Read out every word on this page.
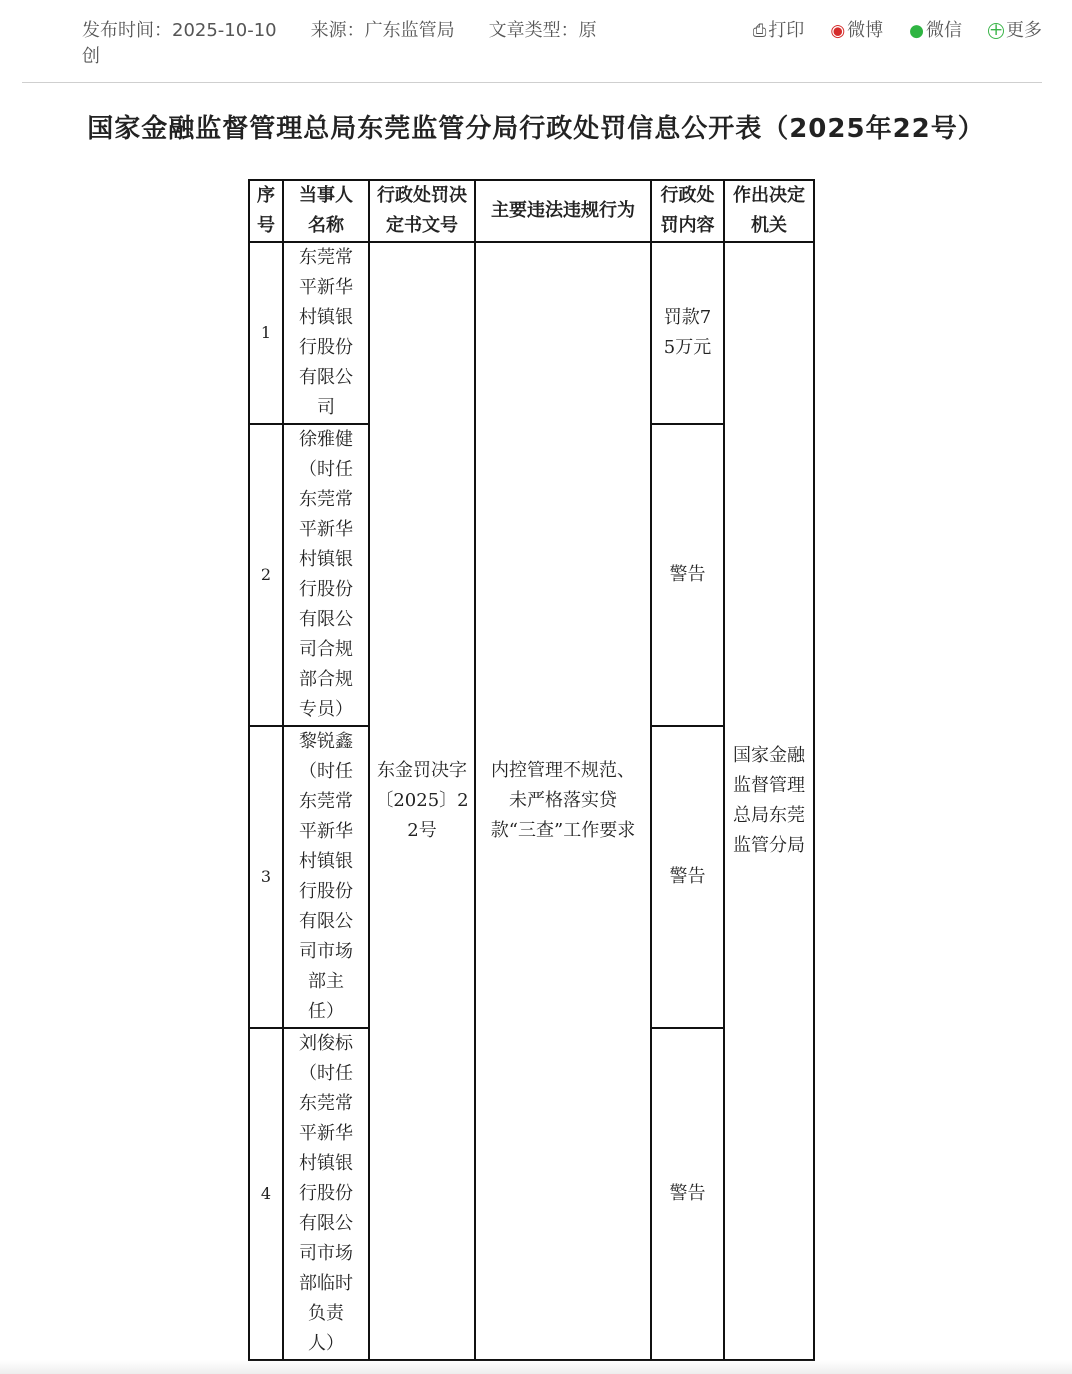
发布时间：2025-10-10 来源：广东监管局 文章类型：原创
⎙ 打印 ◉ 微博 ● 微信 + 更多
国家金融监督管理总局东莞监管分局行政处罚信息公开表（2025年22号）
序号	当事人名称	行政处罚决定书文号	主要违法违规行为	行政处罚内容	作出决定机关

1	东莞常平新华村镇银行股份有限公司	东金罚决字〔2025〕22号	内控管理不规范、未严格落实贷款“三查”工作要求	罚款75万元	国家金融监督管理总局东莞监管分局

2	徐雅健（时任东莞常平新华村镇银行股份有限公司合规部合规专员）			警告	

3	黎锐鑫（时任东莞常平新华村镇银行股份有限公司市场部主任）			警告	

4	刘俊标（时任东莞常平新华村镇银行股份有限公司市场部临时负责人）			警告	
